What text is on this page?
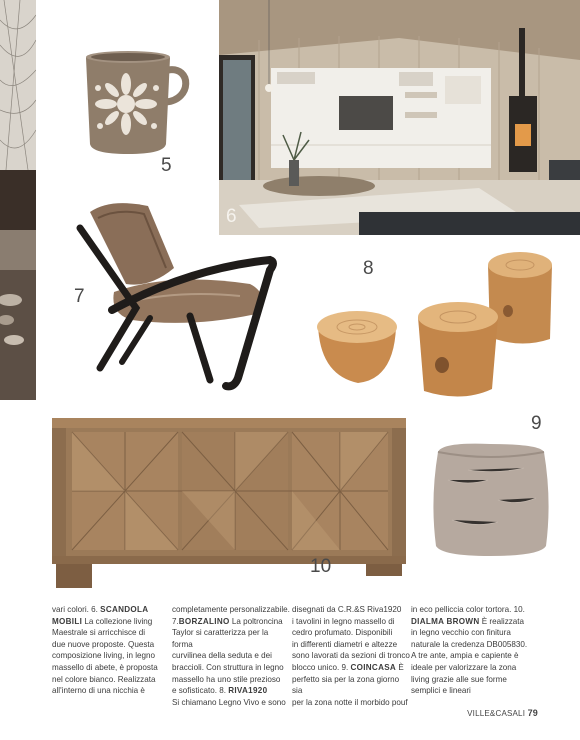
5
6
7
8
10
9
vari colori. 6. SCANDOLA
MOBILI La collezione living
Maestrale si arricchisce di
due nuove proposte. Questa
composizione living, in legno
massello di abete, è proposta
nel colore bianco. Realizzata
all'interno di una nicchia è
completamente personalizzabile.
7.BORZALINO La poltroncina
Taylor si caratterizza per la forma
curvilinea della seduta e dei
braccioli. Con struttura in legno
massello ha uno stile prezioso
e sofisticato. 8. RIVA1920
Si chiamano Legno Vivo e sono
disegnati da C.R.&S Riva1920
i tavolini in legno massello di
cedro profumato. Disponibili
in differenti diametri e altezze
sono lavorati da sezioni di tronco
blocco unico. 9. COINCASA È
perfetto sia per la zona giorno sia
per la zona notte il morbido pouf
in eco pelliccia color tortora. 10.
DIALMA BROWN È realizzata
in legno vecchio con finitura
naturale la credenza DB005830.
A tre ante, ampia e capiente è
ideale per valorizzare la zona
living grazie alle sue forme
semplici e lineari
VILLE&CASALI 79
